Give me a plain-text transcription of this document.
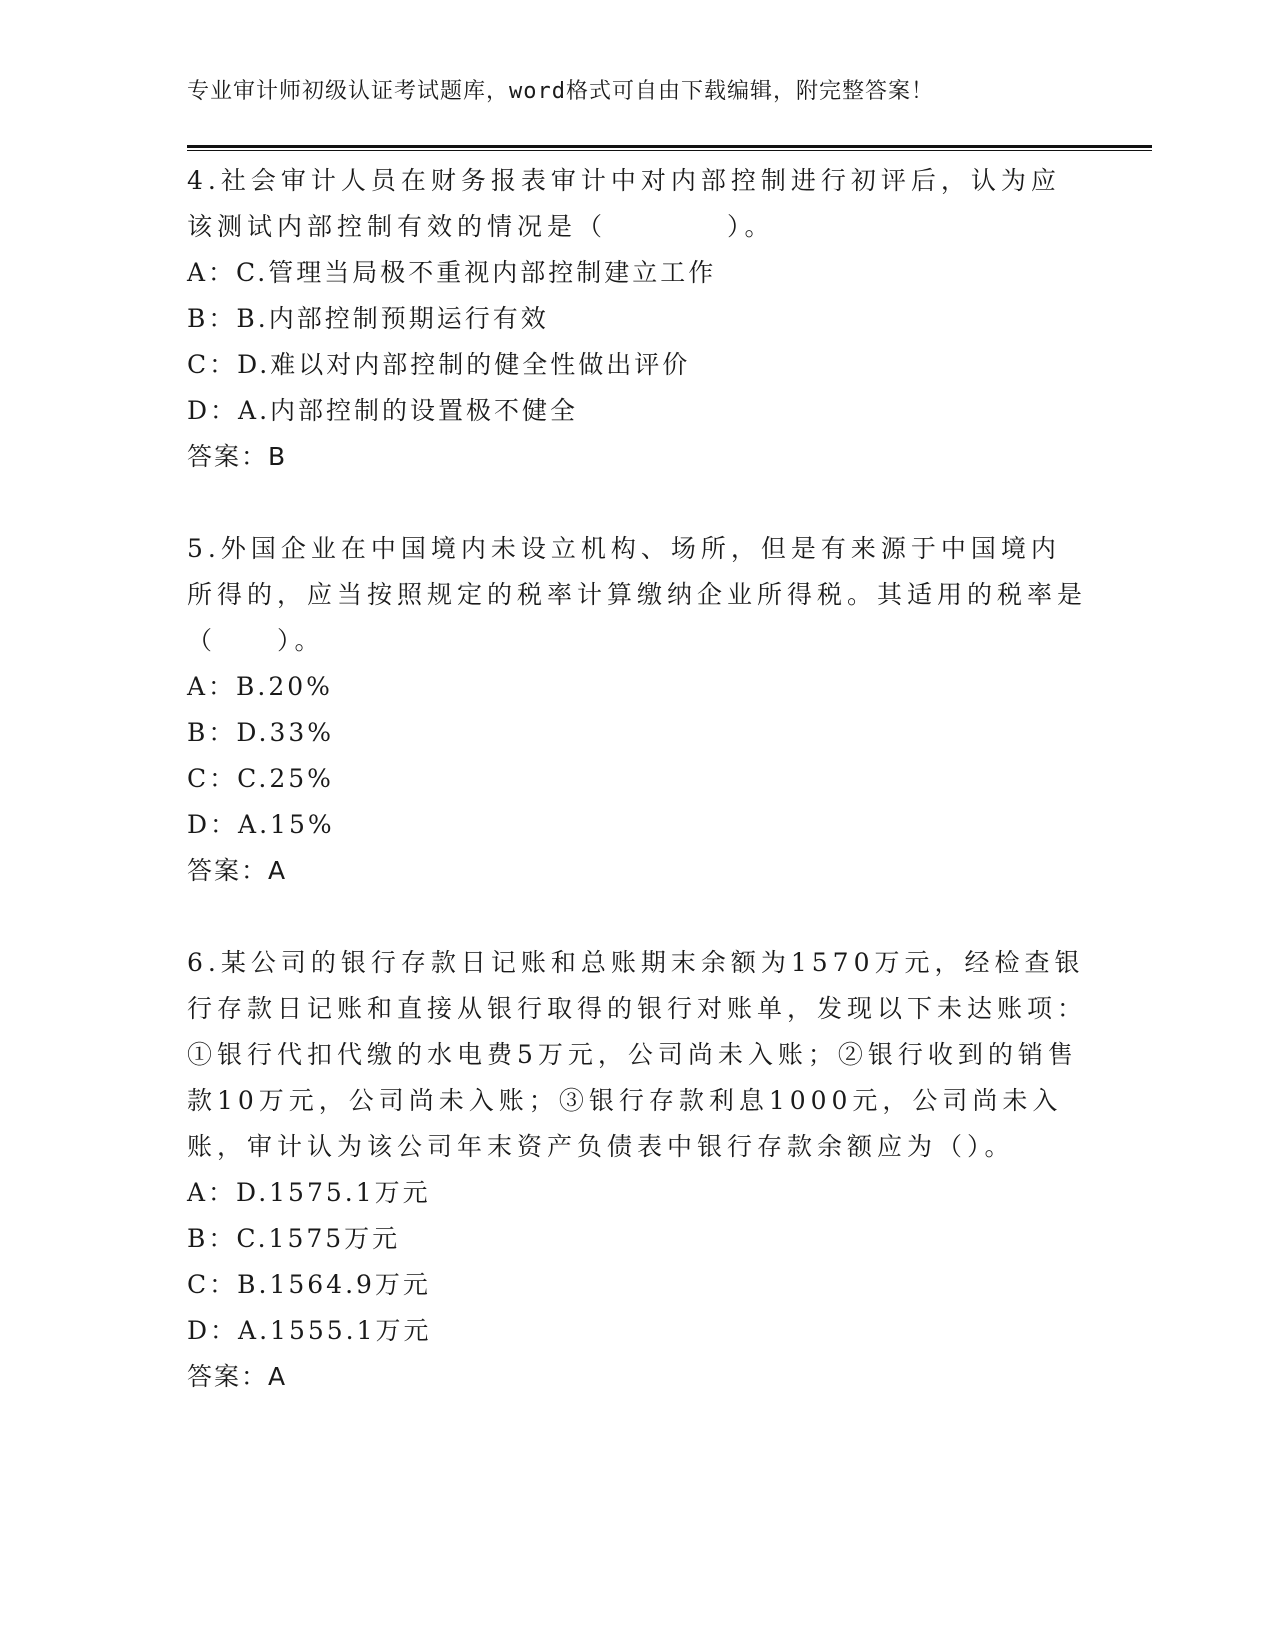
专业审计师初级认证考试题库，word格式可自由下载编辑，附完整答案！

4.社会审计人员在财务报表审计中对内部控制进行初评后，认为应该测试内部控制有效的情况是（　　　　）。

A：C.管理当局极不重视内部控制建立工作

B：B.内部控制预期运行有效

C：D.难以对内部控制的健全性做出评价

D：A.内部控制的设置极不健全

答案：B

5.外国企业在中国境内未设立机构、场所，但是有来源于中国境内所得的，应当按照规定的税率计算缴纳企业所得税。其适用的税率是（　　）。

A：B.20%

B：D.33%

C：C.25%

D：A.15%

答案：A

6.某公司的银行存款日记账和总账期末余额为1570万元，经检查银行存款日记账和直接从银行取得的银行对账单，发现以下未达账项：①银行代扣代缴的水电费5万元，公司尚未入账；②银行收到的销售款10万元，公司尚未入账；③银行存款利息1000元，公司尚未入账，审计认为该公司年末资产负债表中银行存款余额应为（）。

A：D.1575.1万元

B：C.1575万元

C：B.1564.9万元

D：A.1555.1万元

答案：A
